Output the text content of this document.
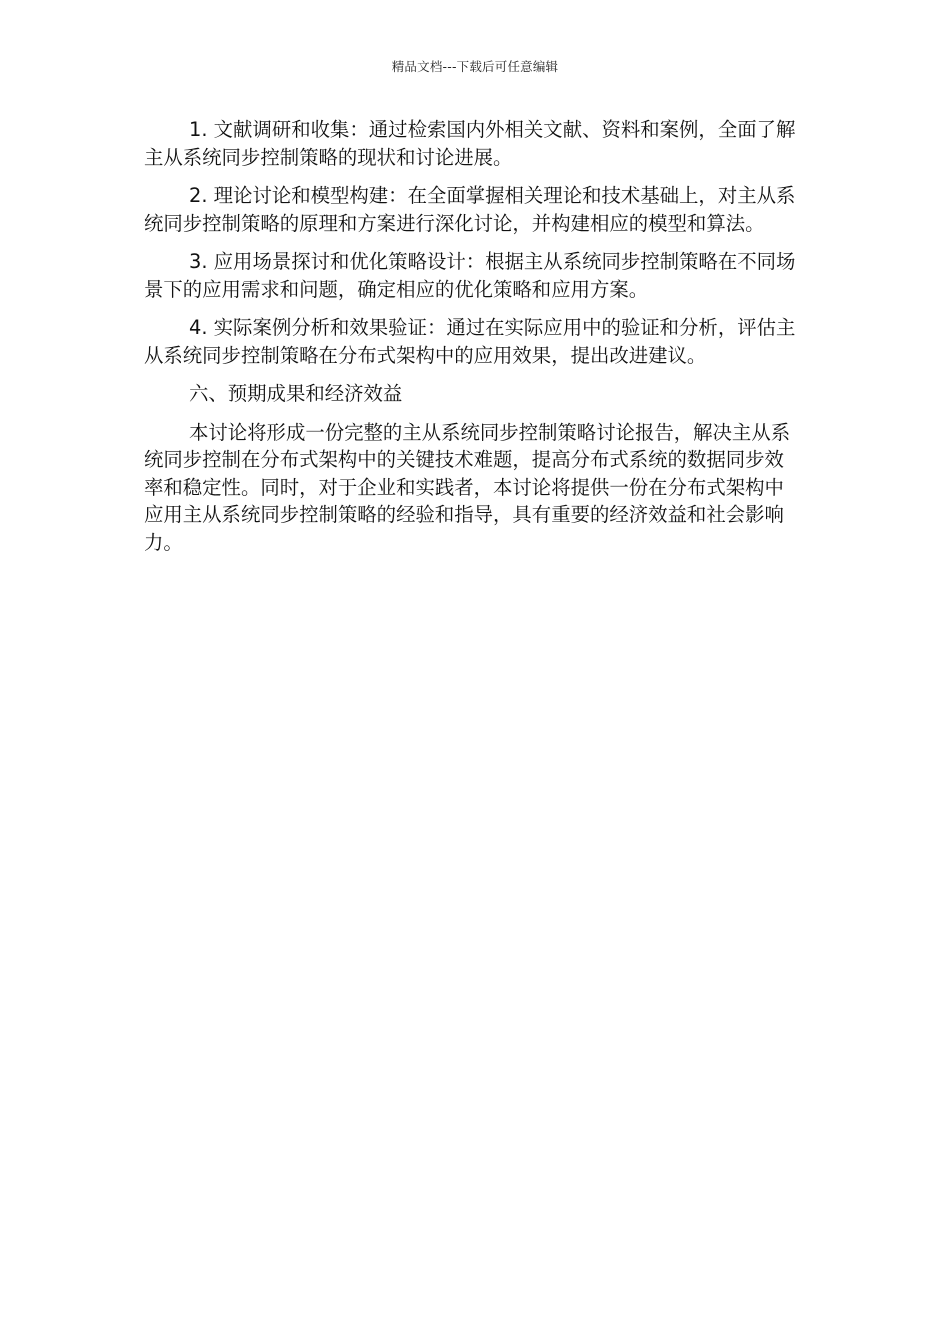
精品文档---下载后可任意编辑

1. 文献调研和收集：通过检索国内外相关文献、资料和案例，全面了解主从系统同步控制策略的现状和讨论进展。

2. 理论讨论和模型构建：在全面掌握相关理论和技术基础上，对主从系统同步控制策略的原理和方案进行深化讨论，并构建相应的模型和算法。

3. 应用场景探讨和优化策略设计：根据主从系统同步控制策略在不同场景下的应用需求和问题，确定相应的优化策略和应用方案。

4. 实际案例分析和效果验证：通过在实际应用中的验证和分析，评估主从系统同步控制策略在分布式架构中的应用效果，提出改进建议。

六、预期成果和经济效益

本讨论将形成一份完整的主从系统同步控制策略讨论报告，解决主从系统同步控制在分布式架构中的关键技术难题，提高分布式系统的数据同步效率和稳定性。同时，对于企业和实践者，本讨论将提供一份在分布式架构中应用主从系统同步控制策略的经验和指导，具有重要的经济效益和社会影响力。
